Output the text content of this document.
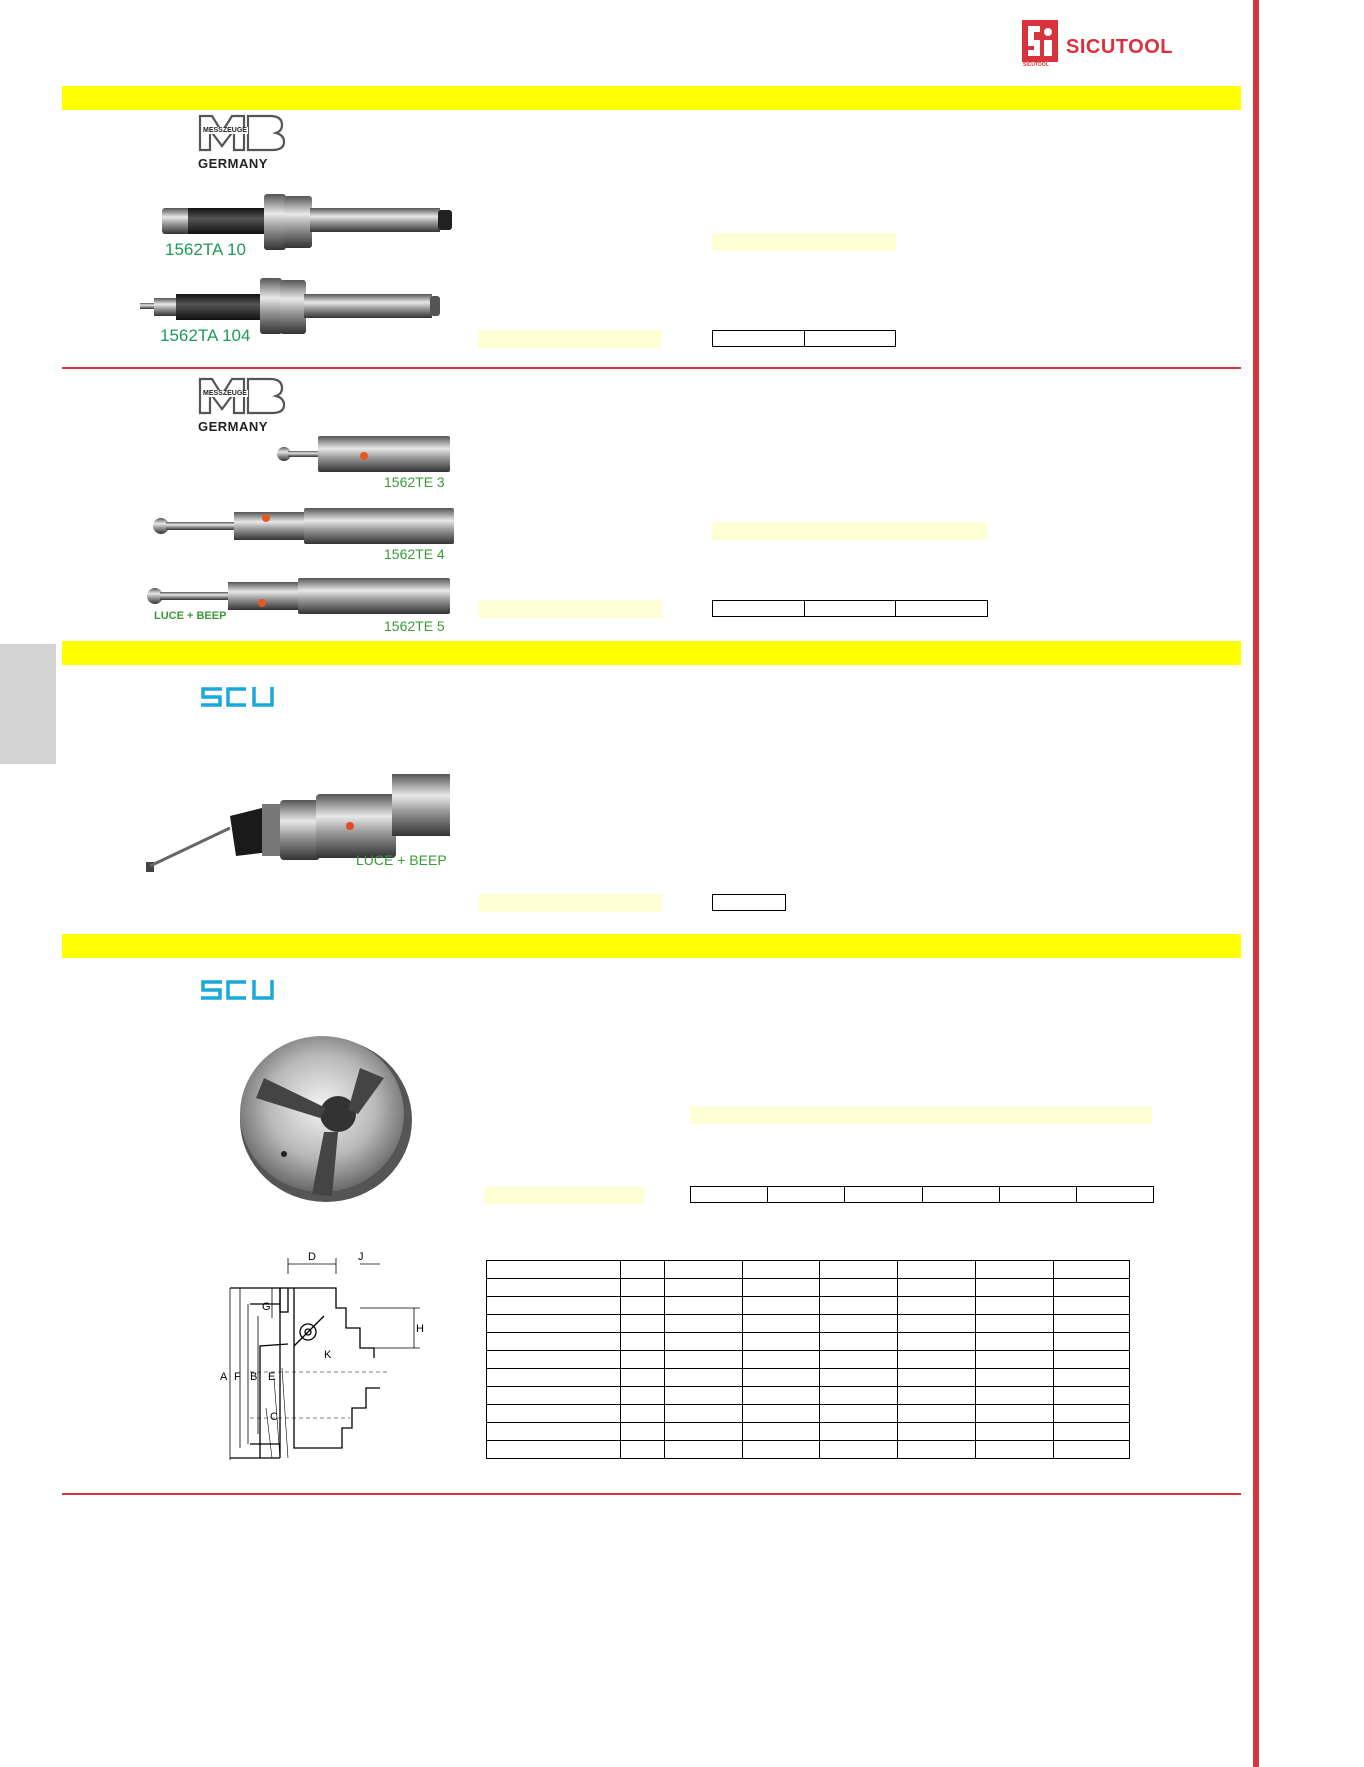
SICUTOOL
SICUTOOL
MESSZEUGE
GERMANY
1562TA 10
1562TA 104
MESSZEUGE
GERMANY
1562TE 3
1562TE 4
LUCE + BEEP
1562TE 5
LUCE + BEEP
D	J
H
G
A F B E
C
K
